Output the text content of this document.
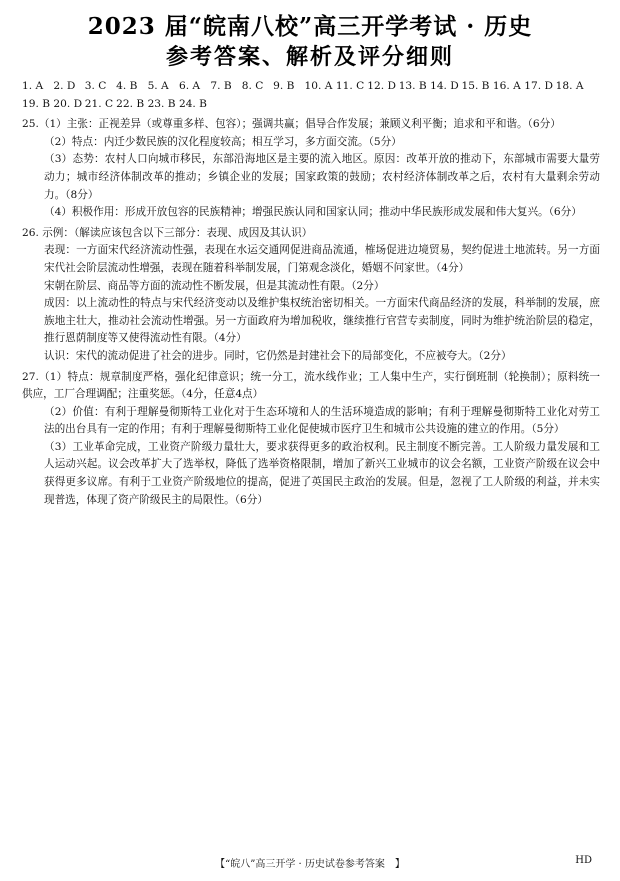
2023 届“皖南八校”高三开学考试 · 历史
参考答案、解析及评分细则
1. A 2. D 3. C 4. B 5. A 6. A 7. B 8. C 9. B 10. A 11. C 12. D 13. B 14. D 15. B 16. A 17. D 18. A
19. B 20. D 21. C 22. B 23. B 24. B

25.（1）主张：正视差异（或尊重多样、包容）；强调共赢；倡导合作发展；兼顾义利平衡；追求和平和谐。（6分）

（2）特点：内迁少数民族的汉化程度较高；相互学习，多方面交流。（5分）

（3）态势：农村人口向城市移民，东部沿海地区是主要的流入地区。原因：改革开放的推动下，东部城市需要大量劳动力；城市经济体制改革的推动；乡镇企业的发展；国家政策的鼓励；农村经济体制改革之后，农村有大量剩余劳动力。（8分）

（4）积极作用：形成开放包容的民族精神；增强民族认同和国家认同；推动中华民族形成发展和伟大复兴。（6分）

26. 示例：（解读应该包含以下三部分：表现、成因及其认识）

表现：一方面宋代经济流动性强，表现在水运交通网促进商品流通，榷场促进边境贸易，契约促进土地流转。另一方面宋代社会阶层流动性增强，表现在随着科举制发展，门第观念淡化，婚姻不问家世。（4分）

宋朝在阶层、商品等方面的流动性不断发展，但是其流动性有限。（2分）

成因：以上流动性的特点与宋代经济变动以及维护集权统治密切相关。一方面宋代商品经济的发展，科举制的发展，庶族地主壮大，推动社会流动性增强。另一方面政府为增加税收，继续推行官营专卖制度，同时为维护统治阶层的稳定，推行恩荫制度等又使得流动性有限。（4分）

认识：宋代的流动促进了社会的进步。同时，它仍然是封建社会下的局部变化，不应被夸大。（2分）

27.（1）特点：规章制度严格，强化纪律意识；统一分工，流水线作业；工人集中生产，实行倒班制（轮换制）；原料统一供应，工厂合理调配；注重奖惩。（4分，任意4点）

（2）价值：有利于理解曼彻斯特工业化对于生态环境和人的生活环境造成的影响；有利于理解曼彻斯特工业化对劳工法的出台具有一定的作用；有利于理解曼彻斯特工业化促使城市医疗卫生和城市公共设施的建立的作用。（5分）

（3）工业革命完成，工业资产阶级力量壮大，要求获得更多的政治权利。民主制度不断完善。工人阶级力量发展和工人运动兴起。议会改革扩大了选举权，降低了选举资格限制，增加了新兴工业城市的议会名额，工业资产阶级在议会中获得更多议席。有利于工业资产阶级地位的提高，促进了英国民主政治的发展。但是，忽视了工人阶级的利益，并未实现普选，体现了资产阶级民主的局限性。（6分）

【“皖八”高三开学 · 历史试卷参考答案　】	HD
